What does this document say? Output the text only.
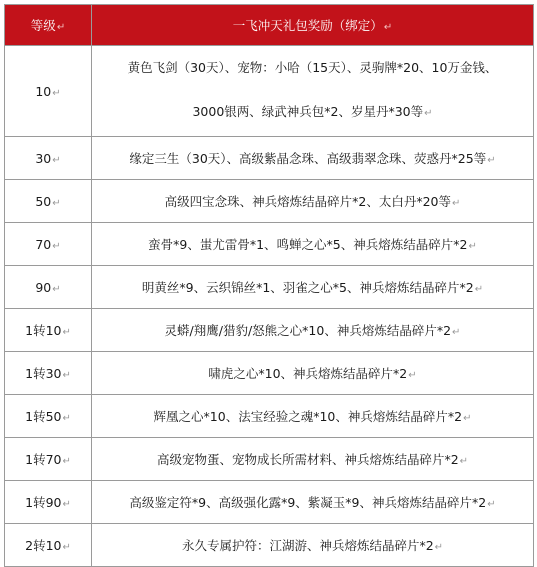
等级↵	一飞冲天礼包奖励（绑定）↵
10↵	黄色飞剑（30天）、宠物：小哈（15天）、灵驹牌*20、10万金钱、
3000银两、绿武神兵包*2、岁星丹*30等↵

30↵	缘定三生（30天）、高级紫晶念珠、高级翡翠念珠、荧惑丹*25等↵
50↵	高级四宝念珠、神兵熔炼结晶碎片*2、太白丹*20等↵
70↵	蛮骨*9、蚩尤雷骨*1、鸣蝉之心*5、神兵熔炼结晶碎片*2↵
90↵	明黄丝*9、云织锦丝*1、羽雀之心*5、神兵熔炼结晶碎片*2↵
1转10↵	灵蟒/翔鹰/猎豹/怒熊之心*10、神兵熔炼结晶碎片*2↵
1转30↵	啸虎之心*10、神兵熔炼结晶碎片*2↵
1转50↵	辉凰之心*10、法宝经验之魂*10、神兵熔炼结晶碎片*2↵
1转70↵	高级宠物蛋、宠物成长所需材料、神兵熔炼结晶碎片*2↵
1转90↵	高级鉴定符*9、高级强化露*9、紫凝玉*9、神兵熔炼结晶碎片*2↵
2转10↵	永久专属护符：江湖游、神兵熔炼结晶碎片*2↵
